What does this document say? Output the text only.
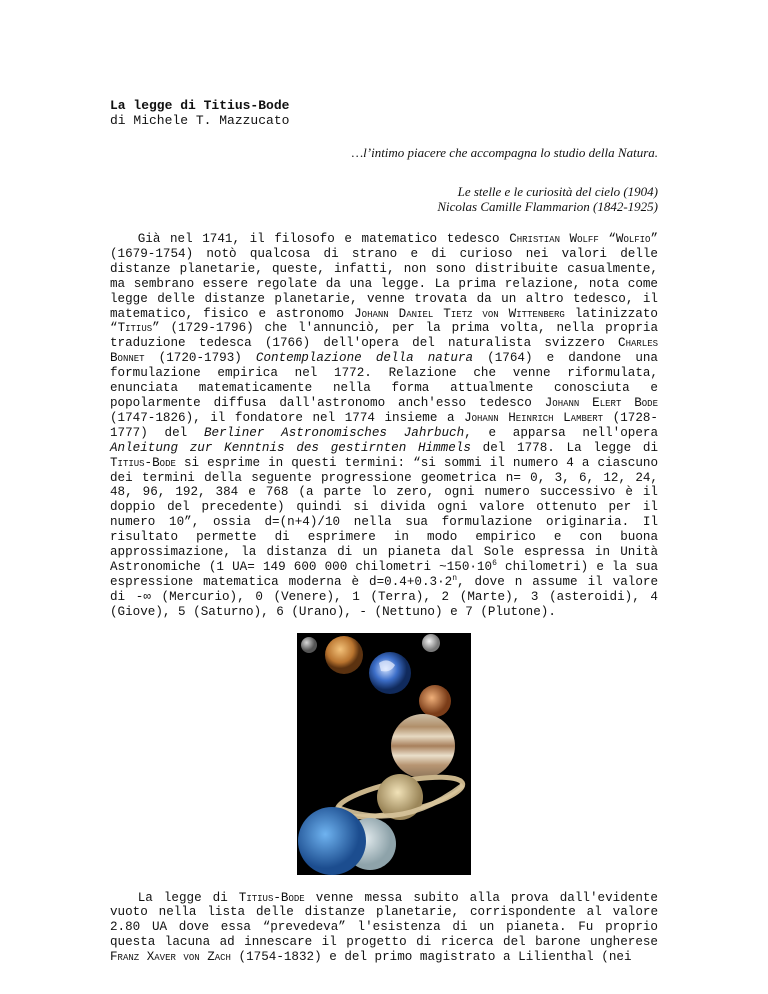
La legge di Titius-Bode

di Michele T. Mazzucato

…l’intimo piacere che accompagna lo studio della Natura.
Le stelle e le curiosità del cielo (1904)
Nicolas Camille Flammarion (1842-1925)

Già nel 1741, il filosofo e matematico tedesco Christian Wolff “Wolfio” (1679-1754) notò qualcosa di strano e di curioso nei valori delle distanze planetarie, queste, infatti, non sono distribuite casualmente, ma sembrano essere regolate da una legge. La prima relazione, nota come legge delle distanze planetarie, venne trovata da un altro tedesco, il matematico, fisico e astronomo Johann Daniel Tietz von Wittenberg latinizzato “Titius” (1729-1796) che l'annunciò, per la prima volta, nella propria traduzione tedesca (1766) dell'opera del naturalista svizzero Charles Bonnet (1720-1793) Contemplazione della natura (1764) e dandone una formulazione empirica nel 1772. Relazione che venne riformulata, enunciata matematicamente nella forma attualmente conosciuta e popolarmente diffusa dall'astronomo anch'esso tedesco Johann Elert Bode (1747-1826), il fondatore nel 1774 insieme a Johann Heinrich Lambert (1728-1777) del Berliner Astronomisches Jahrbuch, e apparsa nell'opera Anleitung zur Kenntnis des gestirnten Himmels del 1778. La legge di Titius-Bode si esprime in questi termini: “si sommi il numero 4 a ciascuno dei termini della seguente progressione geometrica n= 0, 3, 6, 12, 24, 48, 96, 192, 384 e 768 (a parte lo zero, ogni numero successivo è il doppio del precedente) quindi si divida ogni valore ottenuto per il numero 10”, ossia d=(n+4)/10 nella sua formulazione originaria. Il risultato permette di esprimere in modo empirico e con buona approssimazione, la distanza di un pianeta dal Sole espressa in Unità Astronomiche (1 UA= 149 600 000 chilometri $\sim 150\cdot 10^6$ chilometri) e la sua espressione matematica moderna è $d=0.4+0.3\cdot 2^n$, dove n assume il valore di -∞ (Mercurio), 0 (Venere), 1 (Terra), 2 (Marte), 3 (asteroidi), 4 (Giove), 5 (Saturno), 6 (Urano), - (Nettuno) e 7 (Plutone).

La legge di Titius-Bode venne messa subito alla prova dall'evidente vuoto nella lista delle distanze planetarie, corrispondente al valore 2.80 UA dove essa “prevedeva” l'esistenza di un pianeta. Fu proprio questa lacuna ad innescare il progetto di ricerca del barone ungherese Franz Xaver von Zach (1754-1832) e del primo magistrato a Lilienthal (nei
